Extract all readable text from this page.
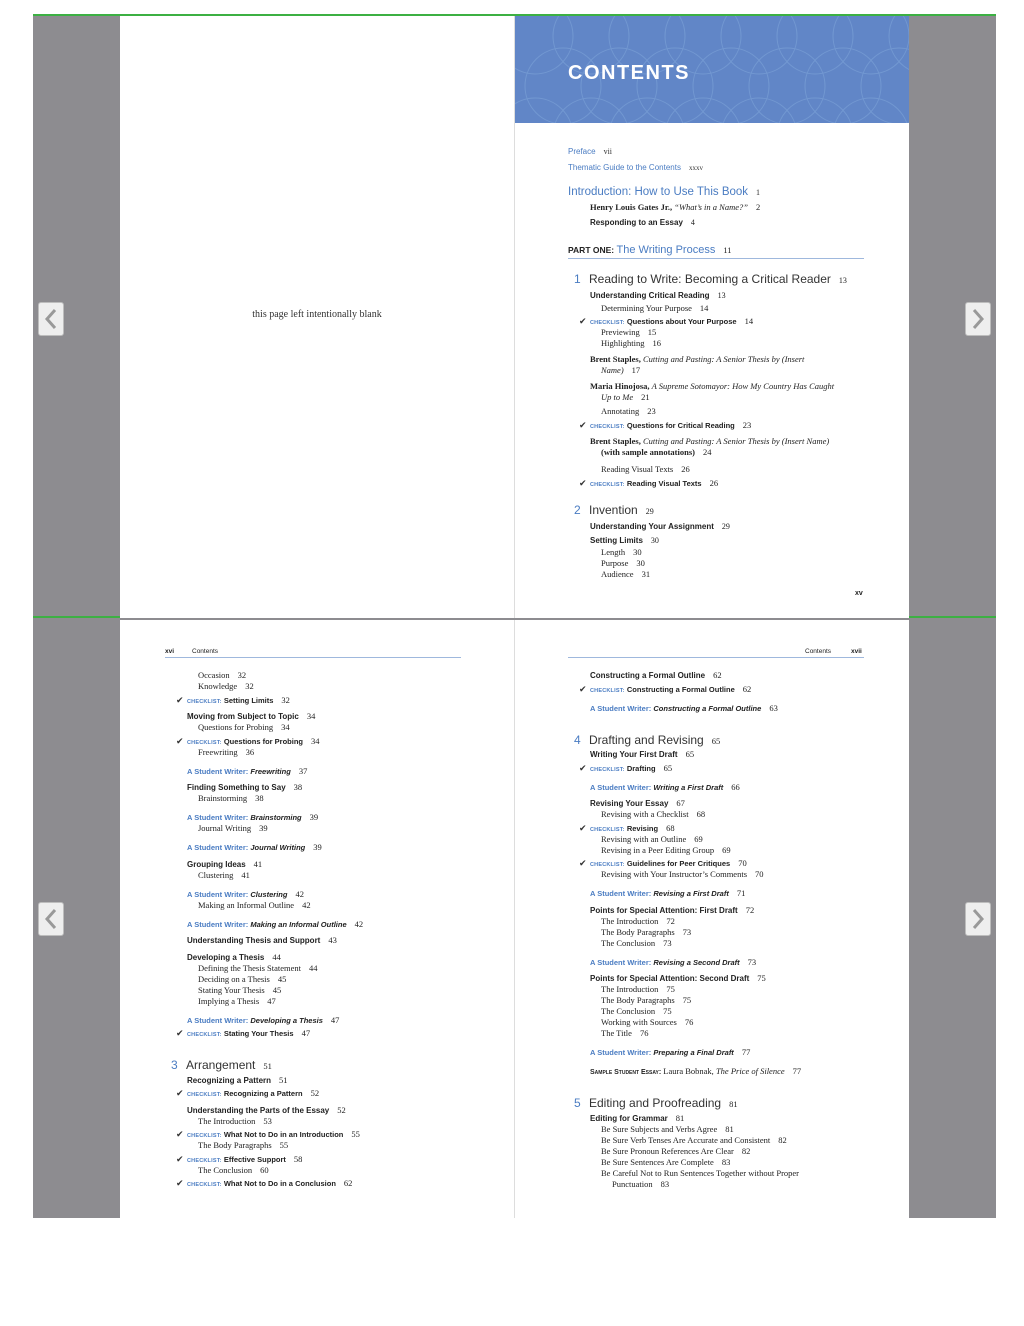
this page left intentionally blank
CONTENTS
Preface vii
Thematic Guide to the Contents xxxv
Introduction: How to Use This Book 1
Henry Louis Gates Jr., “What’s in a Name?” 2
Responding to an Essay 4
PART ONE: The Writing Process 11
1 Reading to Write: Becoming a Critical Reader 13
Understanding Critical Reading 13
Determining Your Purpose 14
✔ CHECKLIST: Questions about Your Purpose 14
Previewing 15
Highlighting 16
Brent Staples, Cutting and Pasting: A Senior Thesis by (Insert
Name) 17
Maria Hinojosa, A Supreme Sotomayor: How My Country Has Caught
Up to Me 21
Annotating 23
✔ CHECKLIST: Questions for Critical Reading 23
Brent Staples, Cutting and Pasting: A Senior Thesis by (Insert Name)
(with sample annotations) 24
Reading Visual Texts 26
✔ CHECKLIST: Reading Visual Texts 26
2 Invention 29
Understanding Your Assignment 29
Setting Limits 30
Length 30
Purpose 30
Audience 31
xv
xvi	Contents
Occasion 32
Knowledge 32
✔ CHECKLIST: Setting Limits 32
Moving from Subject to Topic 34
Questions for Probing 34
✔ CHECKLIST: Questions for Probing 34
Freewriting 36
A Student Writer: Freewriting 37
Finding Something to Say 38
Brainstorming 38
A Student Writer: Brainstorming 39
Journal Writing 39
A Student Writer: Journal Writing 39
Grouping Ideas 41
Clustering 41
A Student Writer: Clustering 42
Making an Informal Outline 42
A Student Writer: Making an Informal Outline 42
Understanding Thesis and Support 43
Developing a Thesis 44
Defining the Thesis Statement 44
Deciding on a Thesis 45
Stating Your Thesis 45
Implying a Thesis 47
A Student Writer: Developing a Thesis 47
✔ CHECKLIST: Stating Your Thesis 47
3 Arrangement 51
Recognizing a Pattern 51
✔ CHECKLIST: Recognizing a Pattern 52
Understanding the Parts of the Essay 52
The Introduction 53
✔ CHECKLIST: What Not to Do in an Introduction 55
The Body Paragraphs 55
✔ CHECKLIST: Effective Support 58
The Conclusion 60
✔ CHECKLIST: What Not to Do in a Conclusion 62
Contents	xvii
Constructing a Formal Outline 62
✔ CHECKLIST: Constructing a Formal Outline 62
A Student Writer: Constructing a Formal Outline 63
4 Drafting and Revising 65
Writing Your First Draft 65
✔ CHECKLIST: Drafting 65
A Student Writer: Writing a First Draft 66
Revising Your Essay 67
Revising with a Checklist 68
✔ CHECKLIST: Revising 68
Revising with an Outline 69
Revising in a Peer Editing Group 69
✔ CHECKLIST: Guidelines for Peer Critiques 70
Revising with Your Instructor’s Comments 70
A Student Writer: Revising a First Draft 71
Points for Special Attention: First Draft 72
The Introduction 72
The Body Paragraphs 73
The Conclusion 73
A Student Writer: Revising a Second Draft 73
Points for Special Attention: Second Draft 75
The Introduction 75
The Body Paragraphs 75
The Conclusion 75
Working with Sources 76
The Title 76
A Student Writer: Preparing a Final Draft 77
Sample Student Essay: Laura Bobnak, The Price of Silence 77
5 Editing and Proofreading 81
Editing for Grammar 81
Be Sure Subjects and Verbs Agree 81
Be Sure Verb Tenses Are Accurate and Consistent 82
Be Sure Pronoun References Are Clear 82
Be Sure Sentences Are Complete 83
Be Careful Not to Run Sentences Together without Proper
Punctuation 83
